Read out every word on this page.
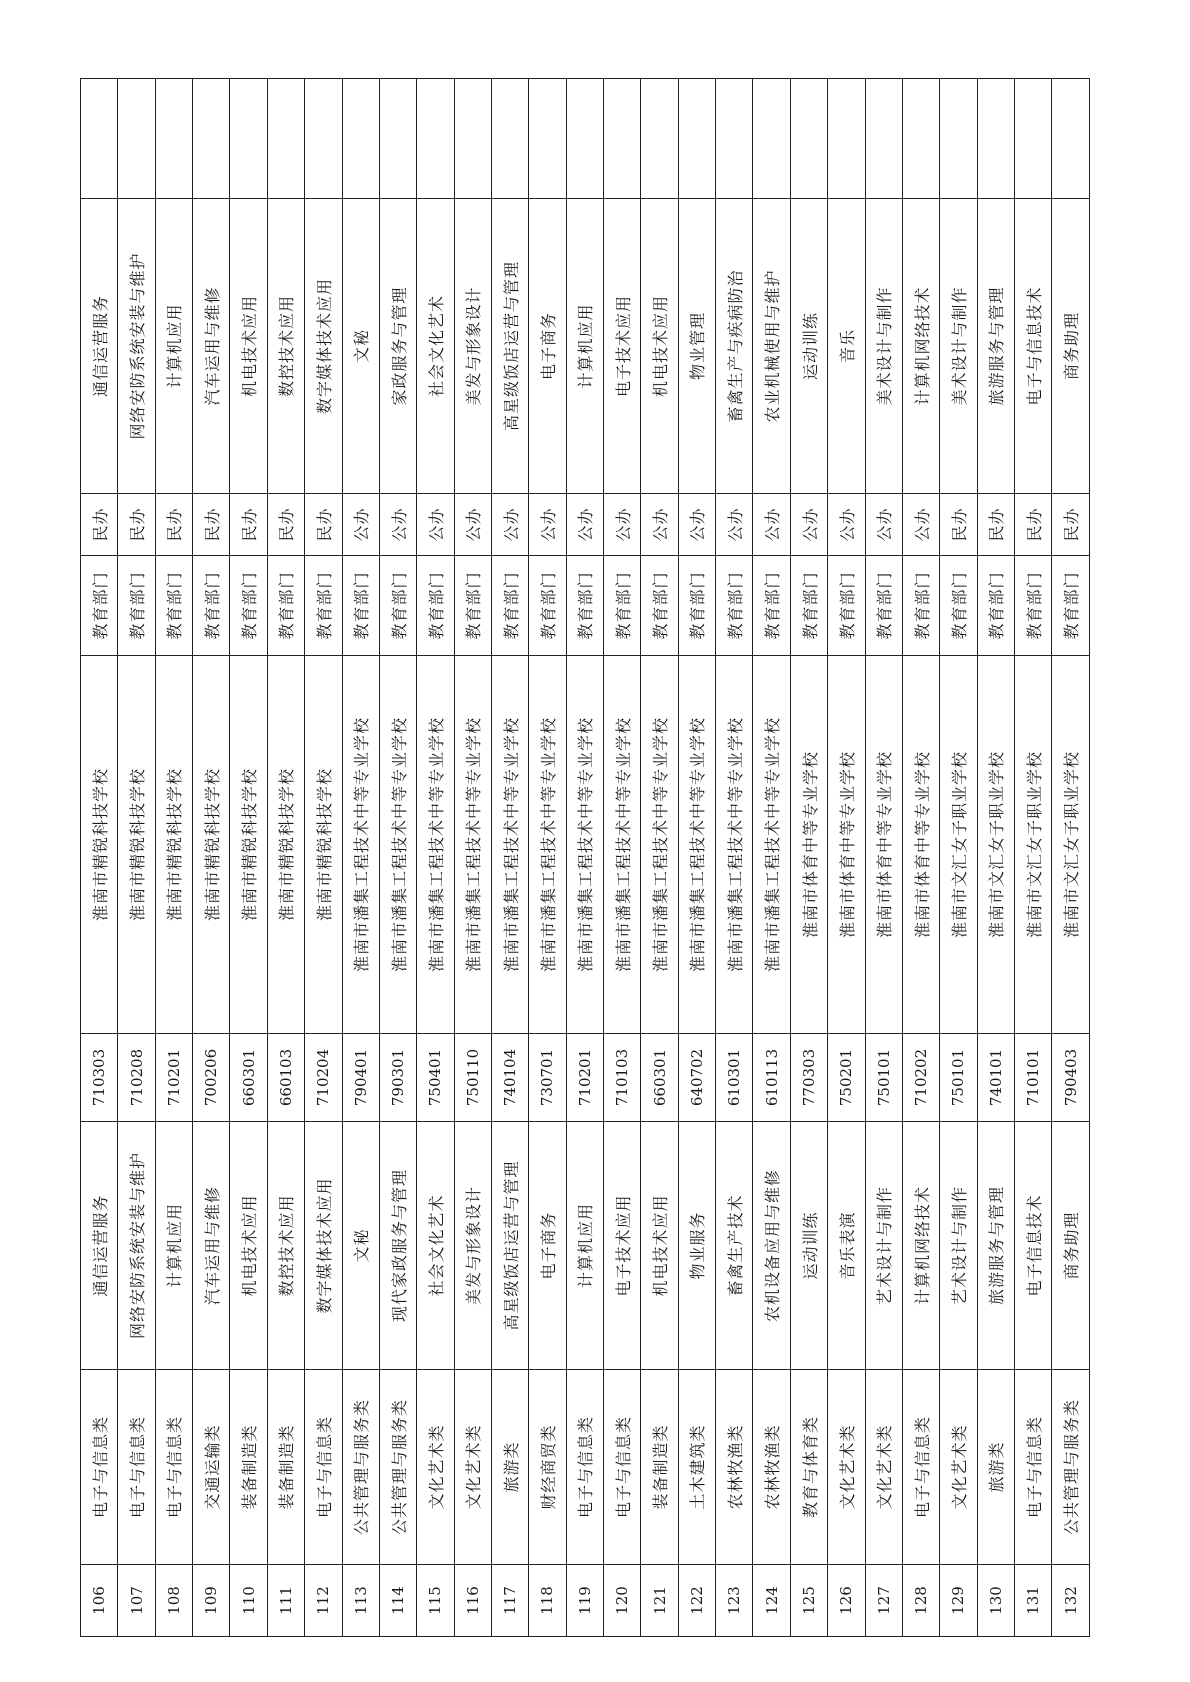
106	电子与信息类	通信运营服务	710303	淮南市精锐科技学校	教育部门	民办	通信运营服务	
107	电子与信息类	网络安防系统安装与维护	710208	淮南市精锐科技学校	教育部门	民办	网络安防系统安装与维护	
108	电子与信息类	计算机应用	710201	淮南市精锐科技学校	教育部门	民办	计算机应用	
109	交通运输类	汽车运用与维修	700206	淮南市精锐科技学校	教育部门	民办	汽车运用与维修	
110	装备制造类	机电技术应用	660301	淮南市精锐科技学校	教育部门	民办	机电技术应用	
111	装备制造类	数控技术应用	660103	淮南市精锐科技学校	教育部门	民办	数控技术应用	
112	电子与信息类	数字媒体技术应用	710204	淮南市精锐科技学校	教育部门	民办	数字媒体技术应用	
113	公共管理与服务类	文秘	790401	淮南市潘集工程技术中等专业学校	教育部门	公办	文秘	
114	公共管理与服务类	现代家政服务与管理	790301	淮南市潘集工程技术中等专业学校	教育部门	公办	家政服务与管理	
115	文化艺术类	社会文化艺术	750401	淮南市潘集工程技术中等专业学校	教育部门	公办	社会文化艺术	
116	文化艺术类	美发与形象设计	750110	淮南市潘集工程技术中等专业学校	教育部门	公办	美发与形象设计	
117	旅游类	高星级饭店运营与管理	740104	淮南市潘集工程技术中等专业学校	教育部门	公办	高星级饭店运营与管理	
118	财经商贸类	电子商务	730701	淮南市潘集工程技术中等专业学校	教育部门	公办	电子商务	
119	电子与信息类	计算机应用	710201	淮南市潘集工程技术中等专业学校	教育部门	公办	计算机应用	
120	电子与信息类	电子技术应用	710103	淮南市潘集工程技术中等专业学校	教育部门	公办	电子技术应用	
121	装备制造类	机电技术应用	660301	淮南市潘集工程技术中等专业学校	教育部门	公办	机电技术应用	
122	土木建筑类	物业服务	640702	淮南市潘集工程技术中等专业学校	教育部门	公办	物业管理	
123	农林牧渔类	畜禽生产技术	610301	淮南市潘集工程技术中等专业学校	教育部门	公办	畜禽生产与疾病防治	
124	农林牧渔类	农机设备应用与维修	610113	淮南市潘集工程技术中等专业学校	教育部门	公办	农业机械使用与维护	
125	教育与体育类	运动训练	770303	淮南市体育中等专业学校	教育部门	公办	运动训练	
126	文化艺术类	音乐表演	750201	淮南市体育中等专业学校	教育部门	公办	音乐	
127	文化艺术类	艺术设计与制作	750101	淮南市体育中等专业学校	教育部门	公办	美术设计与制作	
128	电子与信息类	计算机网络技术	710202	淮南市体育中等专业学校	教育部门	公办	计算机网络技术	
129	文化艺术类	艺术设计与制作	750101	淮南市文汇女子职业学校	教育部门	民办	美术设计与制作	
130	旅游类	旅游服务与管理	740101	淮南市文汇女子职业学校	教育部门	民办	旅游服务与管理	
131	电子与信息类	电子信息技术	710101	淮南市文汇女子职业学校	教育部门	民办	电子与信息技术	
132	公共管理与服务类	商务助理	790403	淮南市文汇女子职业学校	教育部门	民办	商务助理	
